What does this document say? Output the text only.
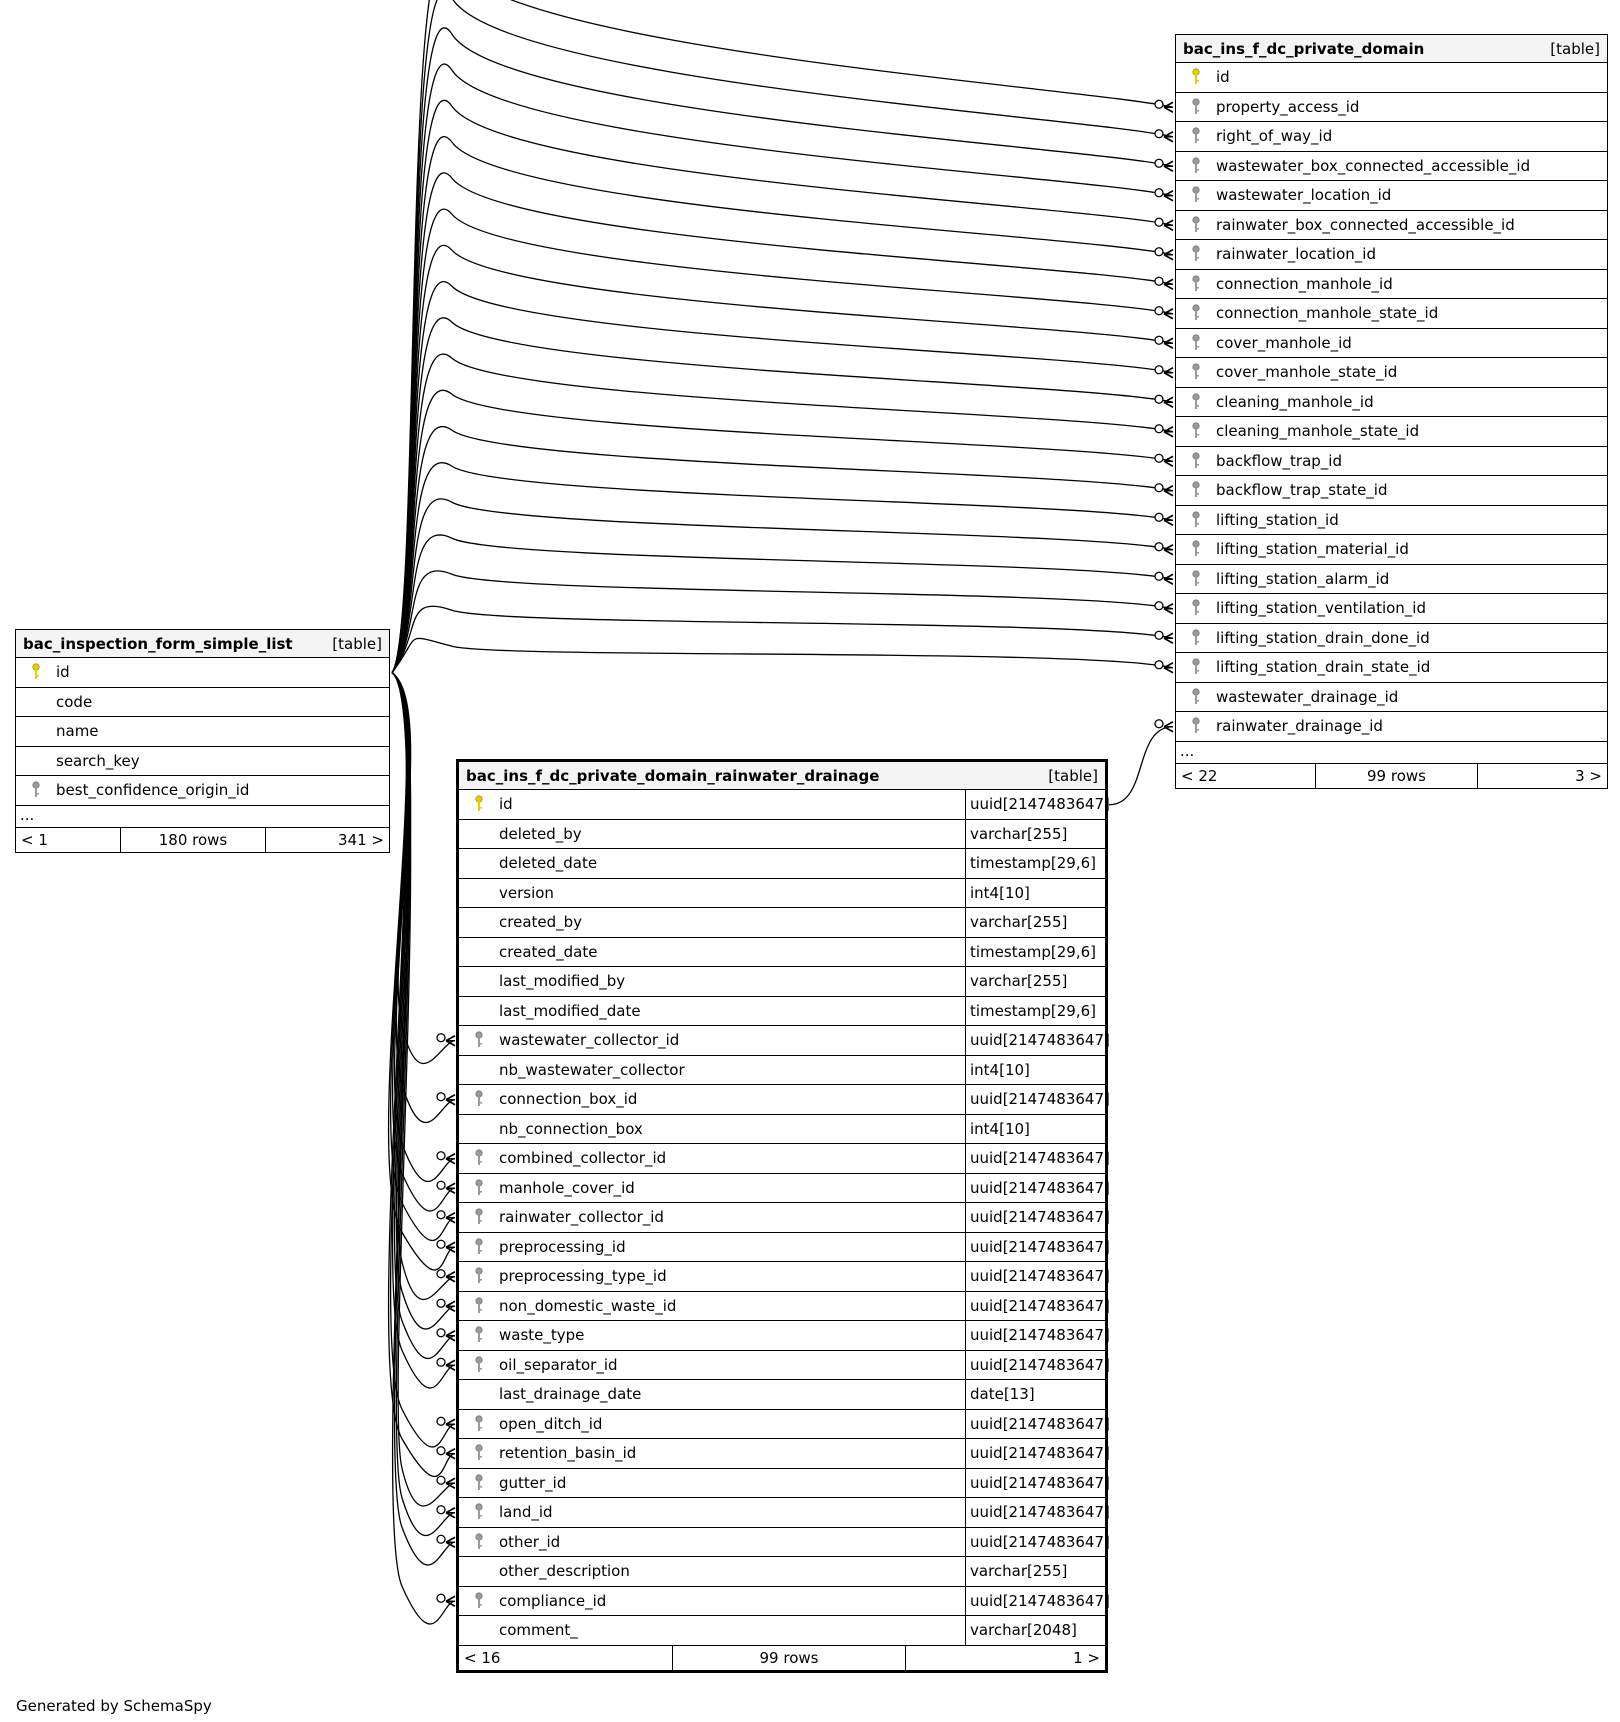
bac_ins_f_dc_private_domain	[table]
id
property_access_id
right_of_way_id
wastewater_box_connected_accessible_id
wastewater_location_id
rainwater_box_connected_accessible_id
rainwater_location_id
connection_manhole_id
connection_manhole_state_id
cover_manhole_id
cover_manhole_state_id
cleaning_manhole_id
cleaning_manhole_state_id
backflow_trap_id
backflow_trap_state_id
lifting_station_id
lifting_station_material_id
lifting_station_alarm_id
lifting_station_ventilation_id
lifting_station_drain_done_id
lifting_station_drain_state_id
wastewater_drainage_id
rainwater_drainage_id
...
< 22	99 rows	3 >
bac_inspection_form_simple_list	[table]
id
code
name
search_key
best_confidence_origin_id
...
< 1	180 rows	341 >
bac_ins_f_dc_private_domain_rainwater_drainage	[table]
id	uuid[2147483647]
deleted_by	varchar[255]
deleted_date	timestamp[29,6]
version	int4[10]
created_by	varchar[255]
created_date	timestamp[29,6]
last_modified_by	varchar[255]
last_modified_date	timestamp[29,6]
wastewater_collector_id	uuid[2147483647]
nb_wastewater_collector	int4[10]
connection_box_id	uuid[2147483647]
nb_connection_box	int4[10]
combined_collector_id	uuid[2147483647]
manhole_cover_id	uuid[2147483647]
rainwater_collector_id	uuid[2147483647]
preprocessing_id	uuid[2147483647]
preprocessing_type_id	uuid[2147483647]
non_domestic_waste_id	uuid[2147483647]
waste_type	uuid[2147483647]
oil_separator_id	uuid[2147483647]
last_drainage_date	date[13]
open_ditch_id	uuid[2147483647]
retention_basin_id	uuid[2147483647]
gutter_id	uuid[2147483647]
land_id	uuid[2147483647]
other_id	uuid[2147483647]
other_description	varchar[255]
compliance_id	uuid[2147483647]
comment_	varchar[2048]
< 16	99 rows	1 >
Generated by SchemaSpy
